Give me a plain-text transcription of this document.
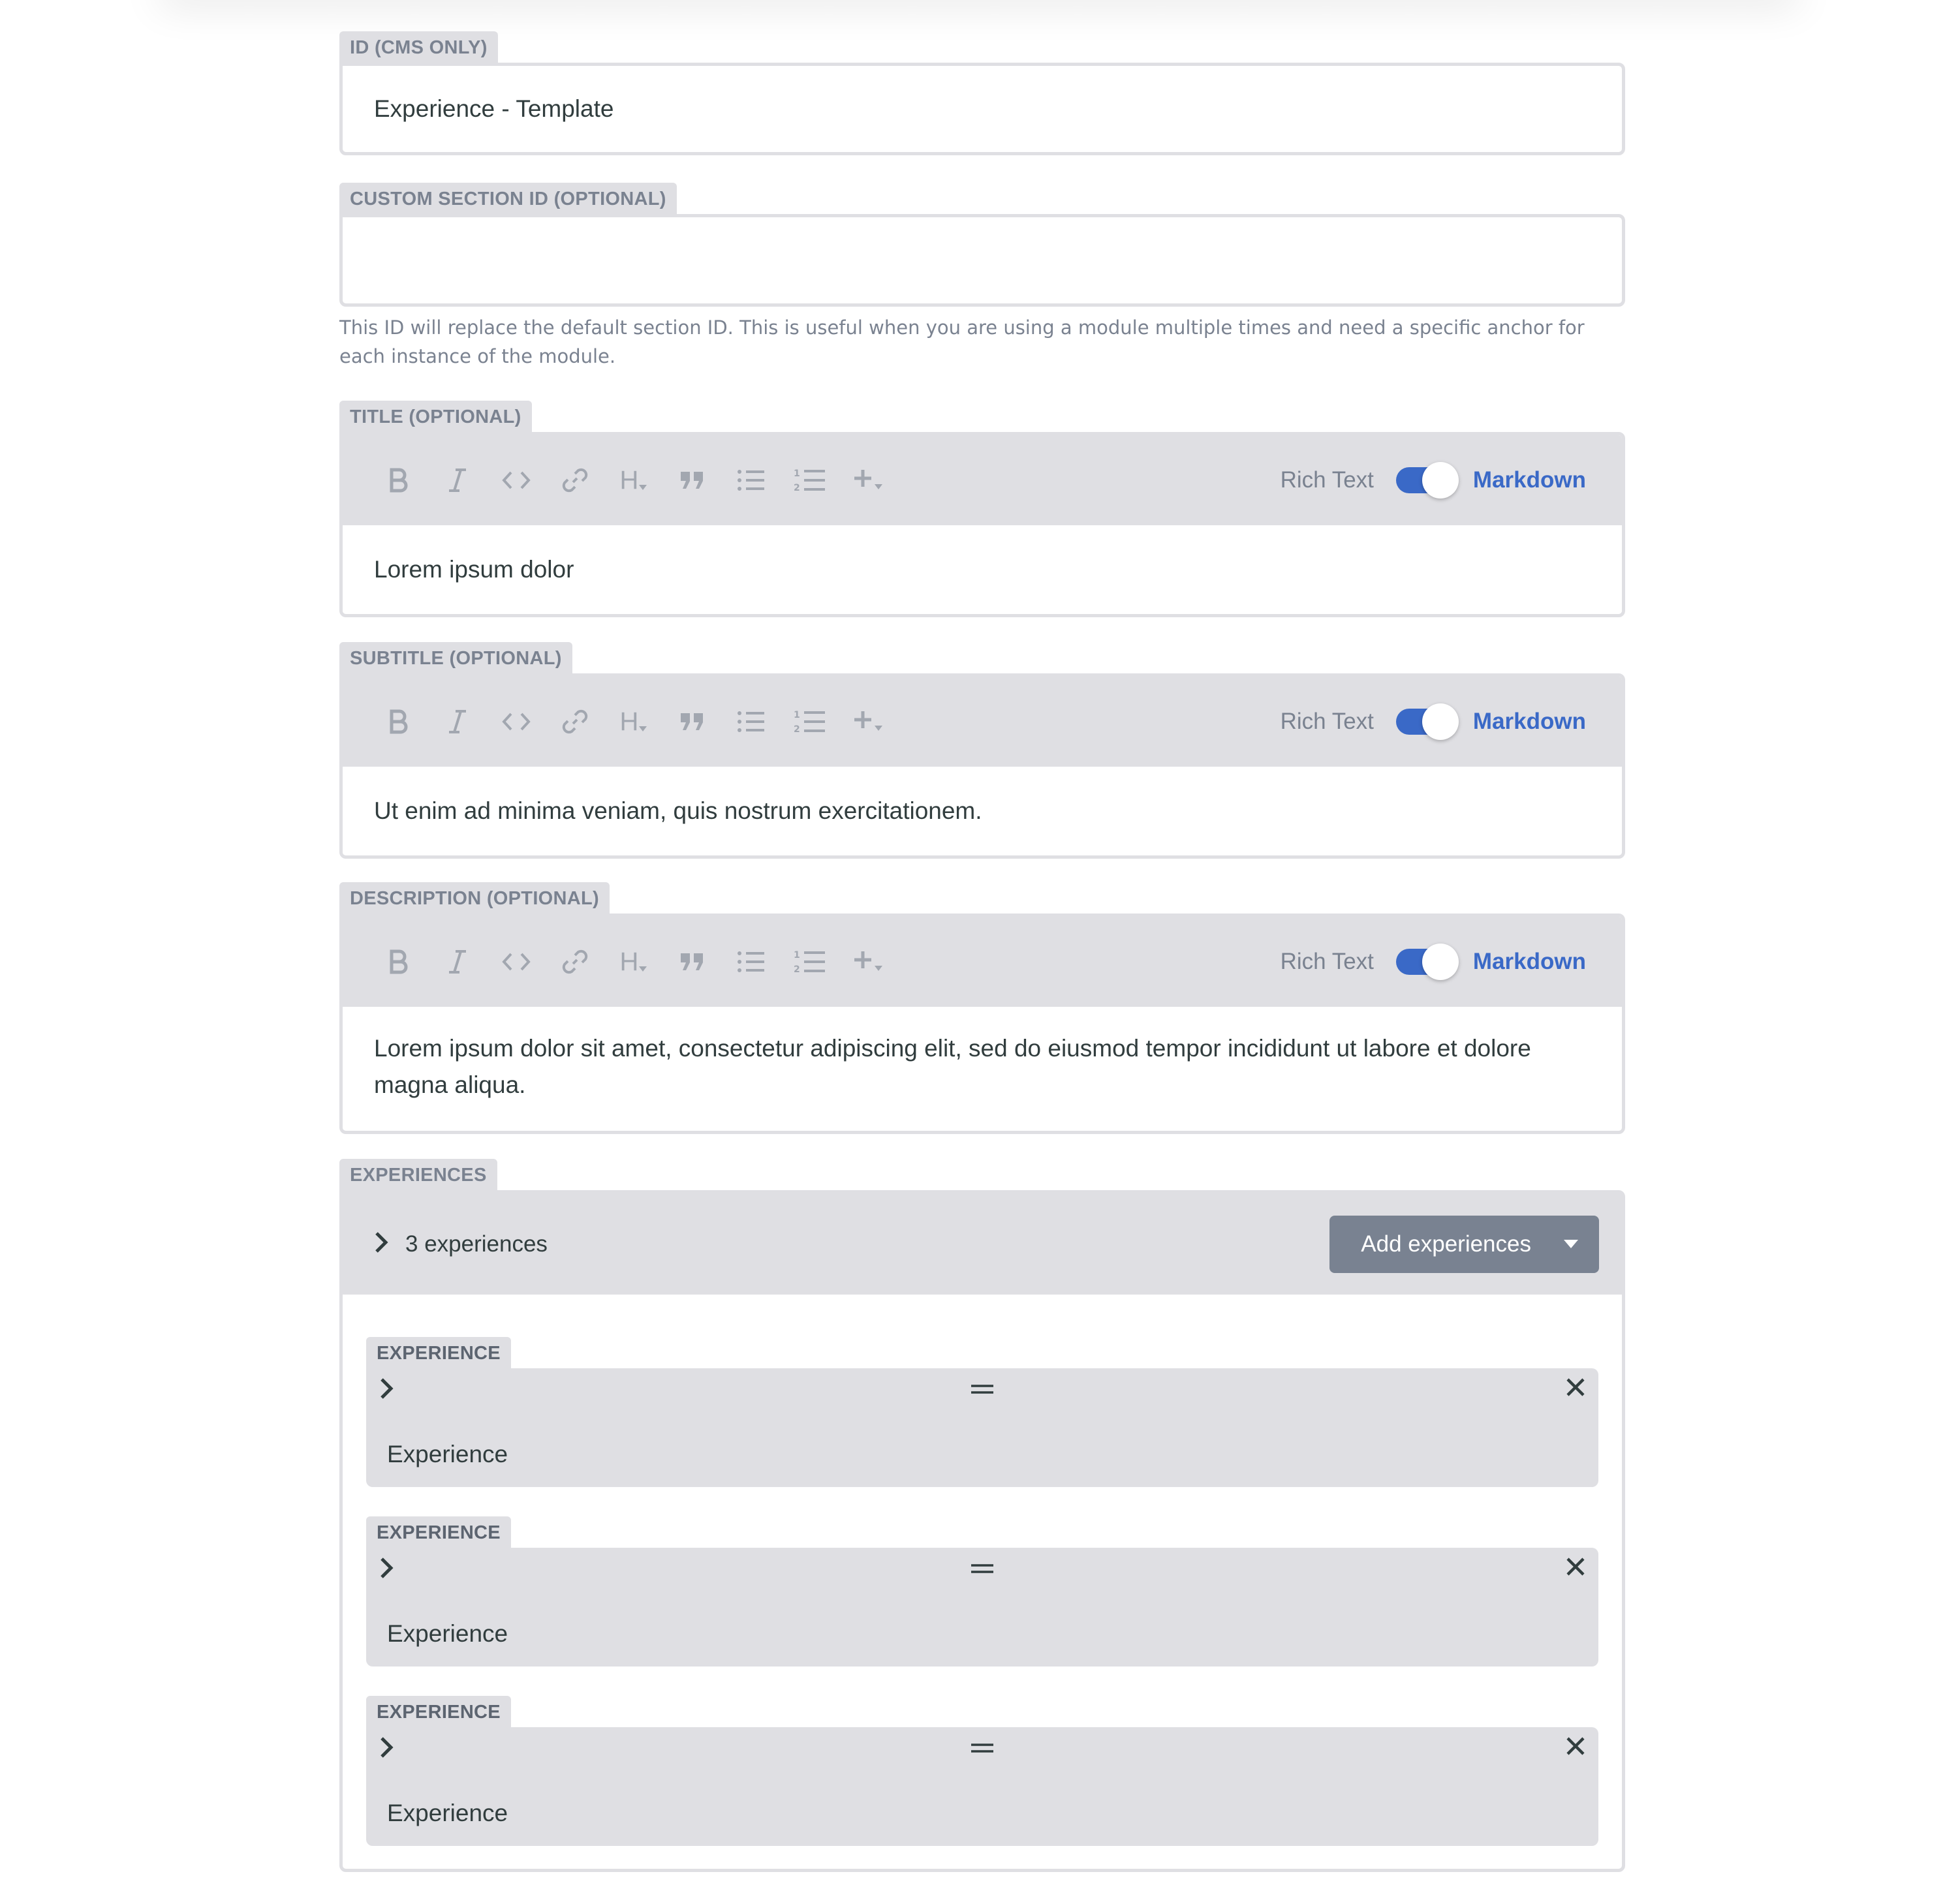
ID (CMS ONLY)
Experience - Template
CUSTOM SECTION ID (OPTIONAL)
This ID will replace the default section ID. This is useful when you are using a module multiple times and need a specific anchor for each instance of the module.
TITLE (OPTIONAL)
H	1
2	Rich Text	Markdown
Lorem ipsum dolor
SUBTITLE (OPTIONAL)
H	1
2	Rich Text	Markdown
Ut enim ad minima veniam, quis nostrum exercitationem.
DESCRIPTION (OPTIONAL)
H	1
2	Rich Text	Markdown
Lorem ipsum dolor sit amet, consectetur adipiscing elit, sed do eiusmod tempor incididunt ut labore et dolore magna aliqua.
EXPERIENCES
3 experiences	Add experiences
EXPERIENCE
Experience
EXPERIENCE
Experience
EXPERIENCE
Experience
